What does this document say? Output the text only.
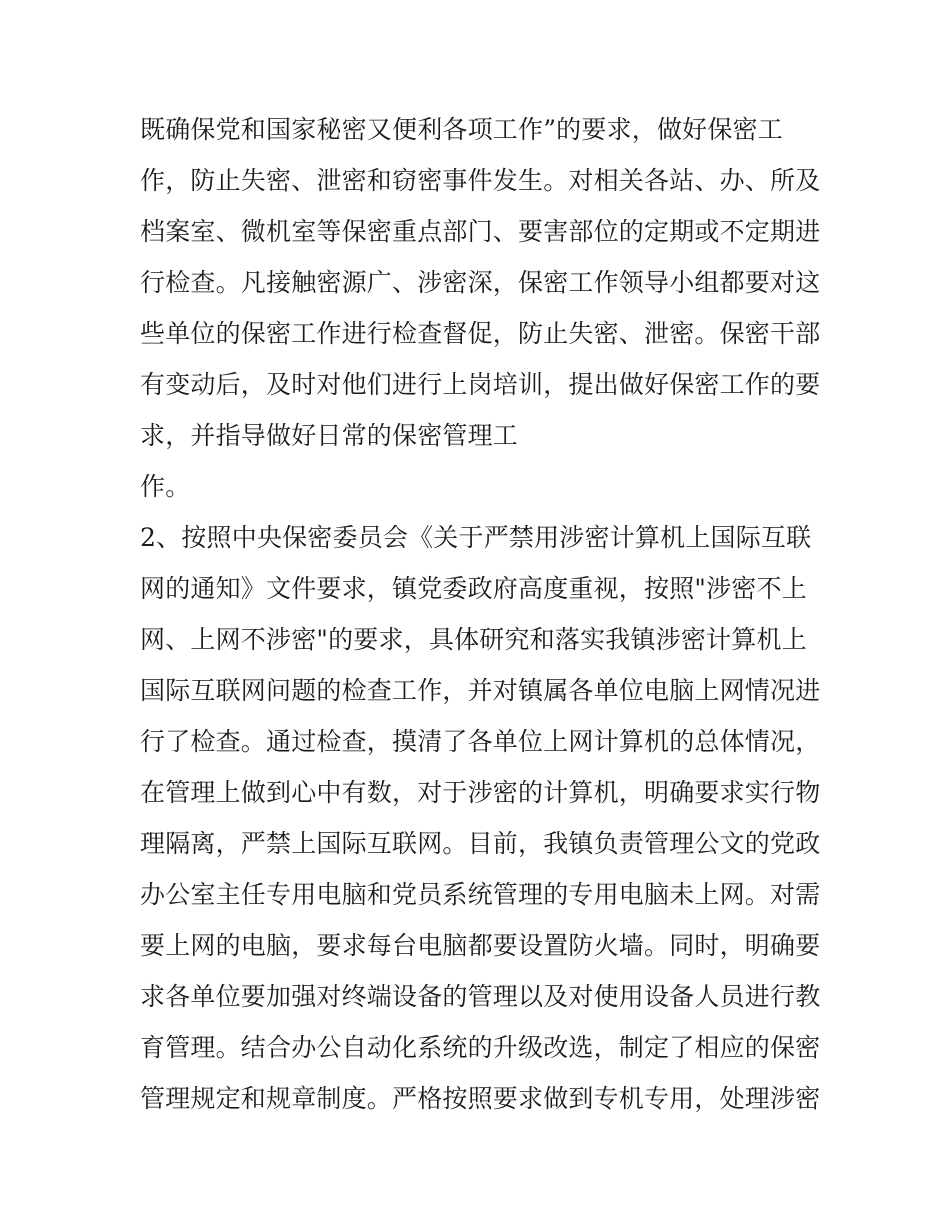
既确保党和国家秘密又便利各项工作”的要求，做好保密工

作，防止失密、泄密和窃密事件发生。对相关各站、办、所及

档案室、微机室等保密重点部门、要害部位的定期或不定期进

行检查。凡接触密源广、涉密深，保密工作领导小组都要对这

些单位的保密工作进行检查督促，防止失密、泄密。保密干部

有变动后，及时对他们进行上岗培训，提出做好保密工作的要

求，并指导做好日常的保密管理工

作。

2、按照中央保密委员会《关于严禁用涉密计算机上国际互联

网的通知》文件要求，镇党委政府高度重视，按照"涉密不上

网、上网不涉密"的要求，具体研究和落实我镇涉密计算机上

国际互联网问题的检查工作，并对镇属各单位电脑上网情况进

行了检查。通过检查，摸清了各单位上网计算机的总体情况，

在管理上做到心中有数，对于涉密的计算机，明确要求实行物

理隔离，严禁上国际互联网。目前，我镇负责管理公文的党政

办公室主任专用电脑和党员系统管理的专用电脑未上网。对需

要上网的电脑，要求每台电脑都要设置防火墙。同时，明确要

求各单位要加强对终端设备的管理以及对使用设备人员进行教

育管理。结合办公自动化系统的升级改选，制定了相应的保密

管理规定和规章制度。严格按照要求做到专机专用，处理涉密
